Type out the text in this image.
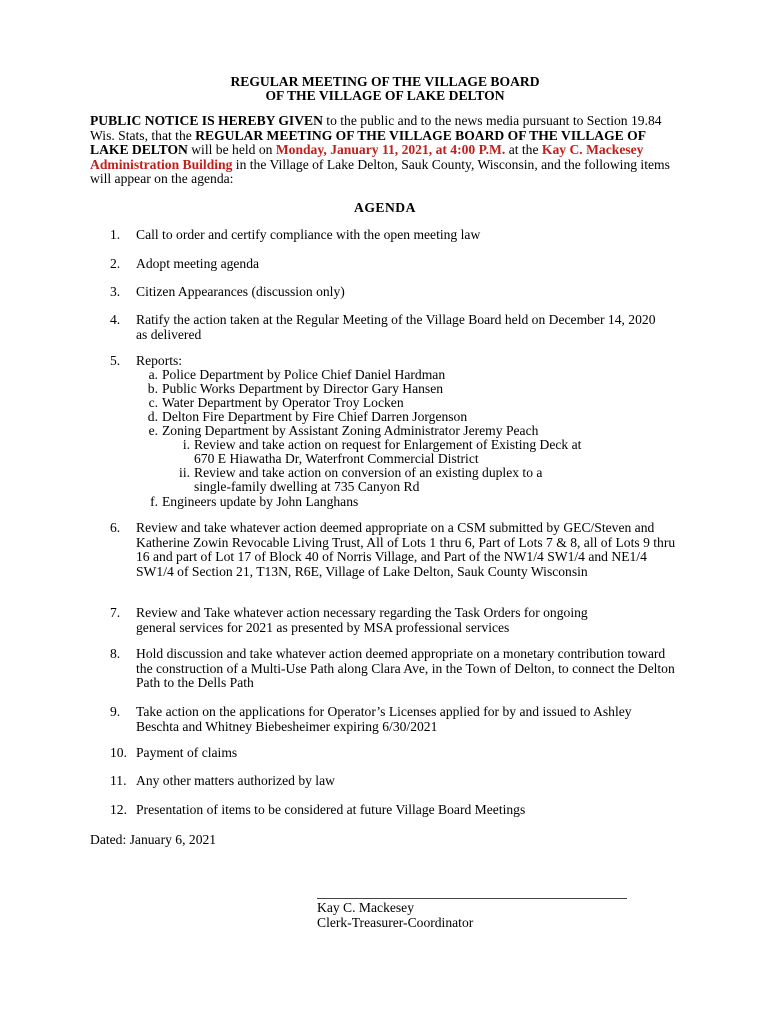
REGULAR MEETING OF THE VILLAGE BOARD
OF THE VILLAGE OF LAKE DELTON
PUBLIC NOTICE IS HEREBY GIVEN to the public and to the news media pursuant to Section 19.84 Wis. Stats, that the REGULAR MEETING OF THE VILLAGE BOARD OF THE VILLAGE OF LAKE DELTON will be held on Monday, January 11, 2021, at 4:00 P.M. at the Kay C. Mackesey Administration Building in the Village of Lake Delton, Sauk County, Wisconsin, and the following items will appear on the agenda:
AGENDA
1.	Call to order and certify compliance with the open meeting law
2.	Adopt meeting agenda
3.	Citizen Appearances (discussion only)
4.	Ratify the action taken at the Regular Meeting of the Village Board held on December 14, 2020 as delivered
5.	Reports:
a. Police Department by Police Chief Daniel Hardman
b. Public Works Department by Director Gary Hansen
c. Water Department by Operator Troy Locken
d. Delton Fire Department by Fire Chief Darren Jorgenson
e. Zoning Department by Assistant Zoning Administrator Jeremy Peach
i. Review and take action on request for Enlargement of Existing Deck at
670 E Hiawatha Dr, Waterfront Commercial District
ii. Review and take action on conversion of an existing duplex to a
single-family dwelling at 735 Canyon Rd
f. Engineers update by John Langhans
6.	Review and take whatever action deemed appropriate on a CSM submitted by GEC/Steven and Katherine Zowin Revocable Living Trust, All of Lots 1 thru 6, Part of Lots 7 & 8, all of Lots 9 thru 16 and part of Lot 17 of Block 40 of Norris Village, and Part of the NW1/4 SW1/4 and NE1/4 SW1/4 of Section 21, T13N, R6E, Village of Lake Delton, Sauk County Wisconsin
7.	Review and Take whatever action necessary regarding the Task Orders for ongoing general services for 2021 as presented by MSA professional services
8.	Hold discussion and take whatever action deemed appropriate on a monetary contribution toward the construction of a Multi-Use Path along Clara Ave, in the Town of Delton, to connect the Delton Path to the Dells Path
9.	Take action on the applications for Operator’s Licenses applied for by and issued to Ashley Beschta and Whitney Biebesheimer expiring 6/30/2021
10. Payment of claims
11. Any other matters authorized by law
12. Presentation of items to be considered at future Village Board Meetings
Dated: January 6, 2021
Kay C. Mackesey
Clerk-Treasurer-Coordinator
